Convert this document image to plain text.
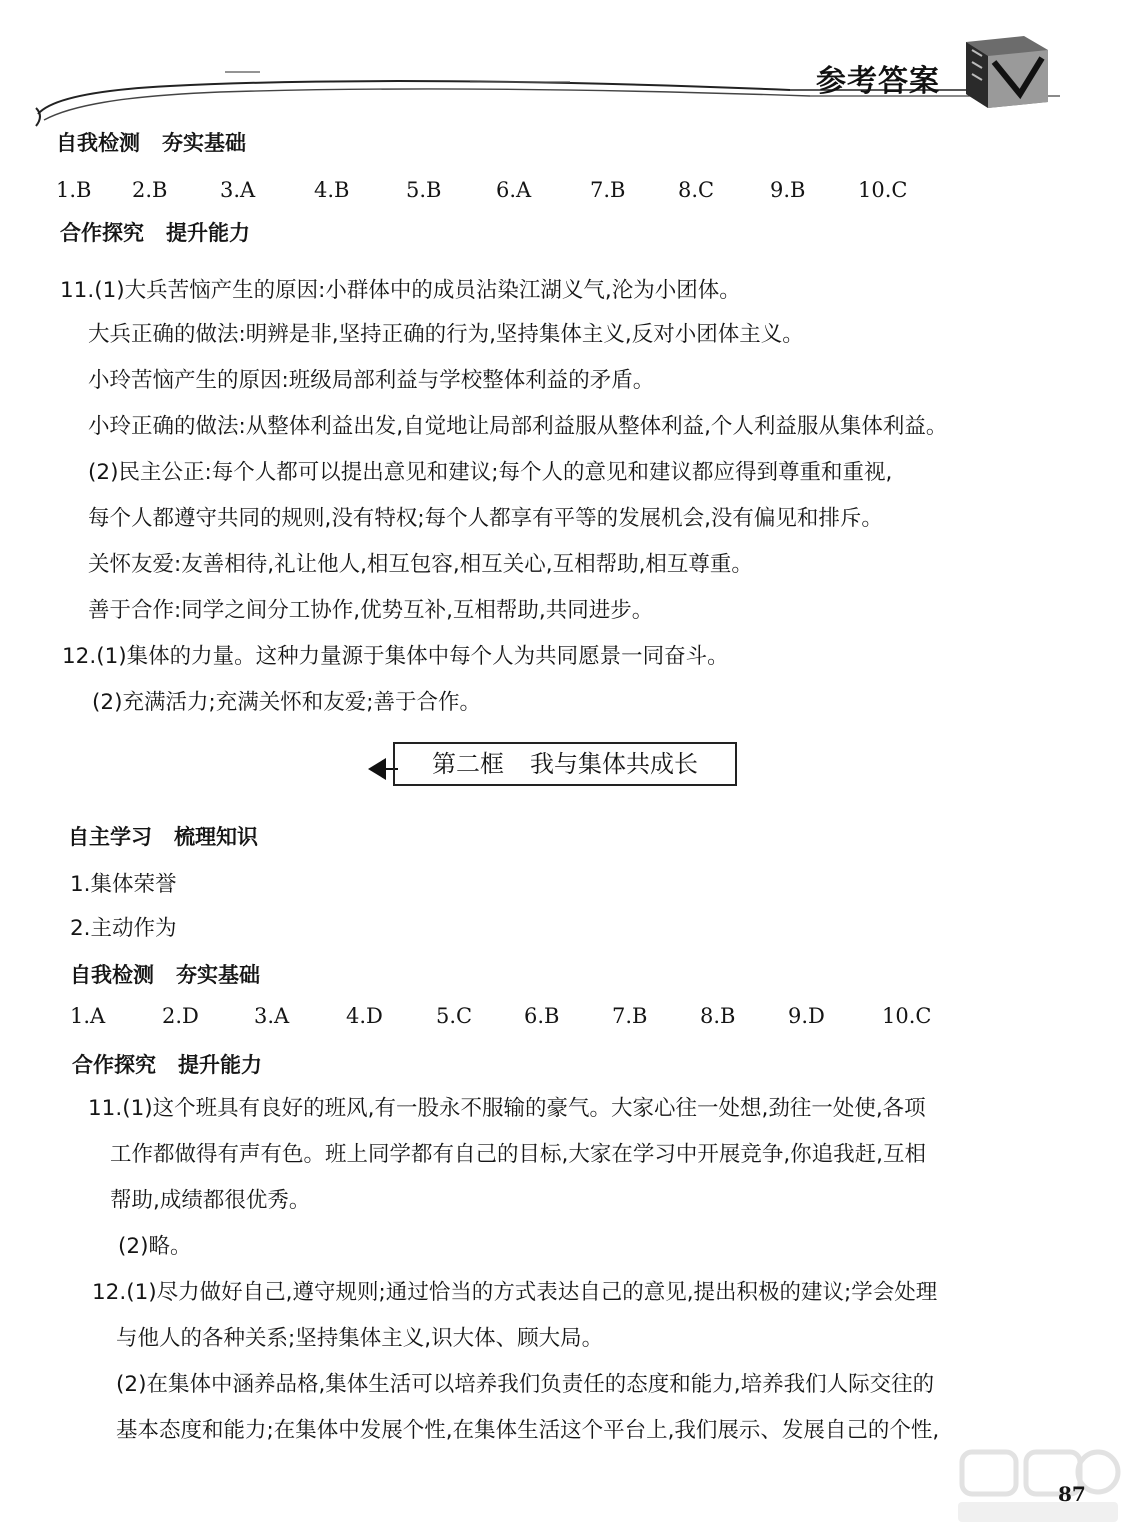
参考答案
自我检测 夯实基础
1.B 2.B	3.A	4.B	5.B	6.A	7.B	8.C	9.B	10.C
合作探究 提升能力
11.(1)大兵苦恼产生的原因:小群体中的成员沾染江湖义气,沦为小团体。
大兵正确的做法:明辨是非,坚持正确的行为,坚持集体主义,反对小团体主义。
小玲苦恼产生的原因:班级局部利益与学校整体利益的矛盾。
小玲正确的做法:从整体利益出发,自觉地让局部利益服从整体利益,个人利益服从集体利益。
(2)民主公正:每个人都可以提出意见和建议;每个人的意见和建议都应得到尊重和重视,
每个人都遵守共同的规则,没有特权;每个人都享有平等的发展机会,没有偏见和排斥。
关怀友爱:友善相待,礼让他人,相互包容,相互关心,互相帮助,相互尊重。
善于合作:同学之间分工协作,优势互补,互相帮助,共同进步。
12.(1)集体的力量。这种力量源于集体中每个人为共同愿景一同奋斗。
(2)充满活力;充满关怀和友爱;善于合作。
第二框 我与集体共成长
自主学习 梳理知识
1.集体荣誉
2.主动作为
自我检测 夯实基础
1.A	2.D	3.A	4.D	5.C 6.B	7.B	8.B	9.D	10.C
合作探究 提升能力
11.(1)这个班具有良好的班风,有一股永不服输的豪气。大家心往一处想,劲往一处使,各项
工作都做得有声有色。班上同学都有自己的目标,大家在学习中开展竞争,你追我赶,互相
帮助,成绩都很优秀。
(2)略。
12.(1)尽力做好自己,遵守规则;通过恰当的方式表达自己的意见,提出积极的建议;学会处理
与他人的各种关系;坚持集体主义,识大体、顾大局。
(2)在集体中涵养品格,集体生活可以培养我们负责任的态度和能力,培养我们人际交往的
基本态度和能力;在集体中发展个性,在集体生活这个平台上,我们展示、发展自己的个性,
87
